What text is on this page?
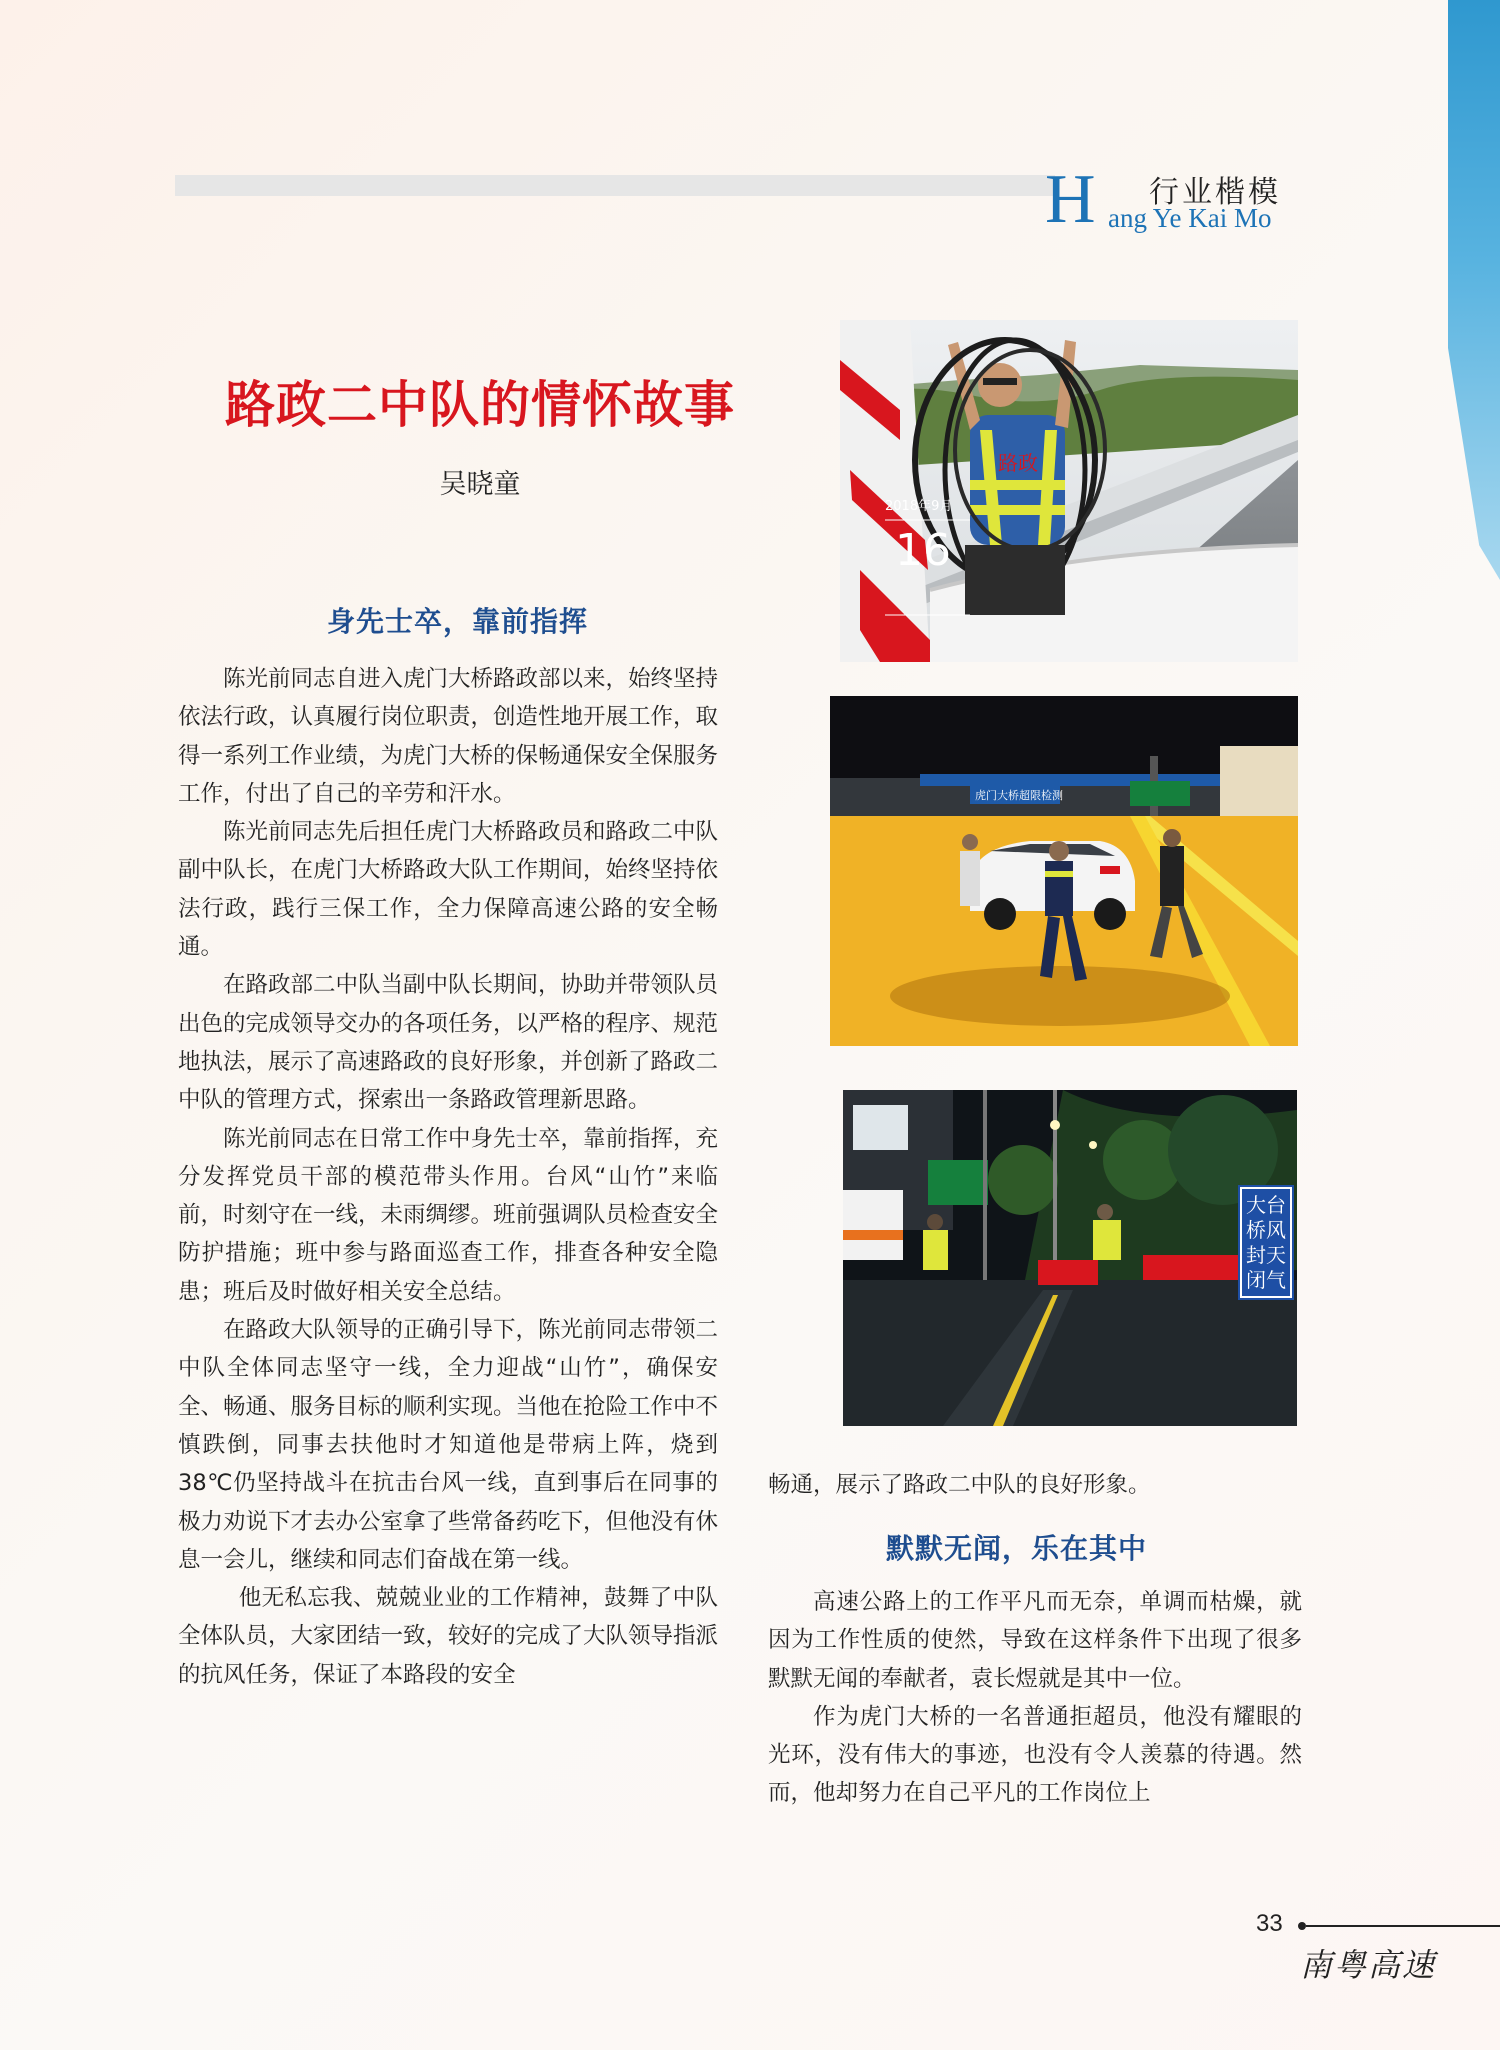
H 行业楷模
ang Ye Kai Mo
路政二中队的情怀故事
吴晓童
身先士卒，靠前指挥

陈光前同志自进入虎门大桥路政部以来，始终坚持依法行政，认真履行岗位职责，创造性地开展工作，取得一系列工作业绩，为虎门大桥的保畅通保安全保服务工作，付出了自己的辛劳和汗水。

陈光前同志先后担任虎门大桥路政员和路政二中队副中队长，在虎门大桥路政大队工作期间，始终坚持依法行政，践行三保工作，全力保障高速公路的安全畅通。

在路政部二中队当副中队长期间，协助并带领队员出色的完成领导交办的各项任务，以严格的程序、规范地执法，展示了高速路政的良好形象，并创新了路政二中队的管理方式，探索出一条路政管理新思路。

陈光前同志在日常工作中身先士卒，靠前指挥，充分发挥党员干部的模范带头作用。台风“山竹”来临前，时刻守在一线，未雨绸缪。班前强调队员检查安全防护措施；班中参与路面巡查工作，排查各种安全隐患；班后及时做好相关安全总结。

在路政大队领导的正确引导下，陈光前同志带领二中队全体同志坚守一线，全力迎战“山竹”，确保安全、畅通、服务目标的顺利实现。当他在抢险工作中不慎跌倒，同事去扶他时才知道他是带病上阵，烧到38℃仍坚持战斗在抗击台风一线，直到事后在同事的极力劝说下才去办公室拿了些常备药吃下，但他没有休息一会儿，继续和同志们奋战在第一线。

他无私忘我、兢兢业业的工作精神，鼓舞了中队全体队员，大家团结一致，较好的完成了大队领导指派的抗风任务，保证了本路段的安全

路政
2018年9月
16
虎门大桥超限检测
大台
桥风
封天
闭气

畅通，展示了路政二中队的良好形象。

默默无闻，乐在其中

高速公路上的工作平凡而无奈，单调而枯燥，就因为工作性质的使然，导致在这样条件下出现了很多默默无闻的奉献者，袁长煜就是其中一位。

作为虎门大桥的一名普通拒超员，他没有耀眼的光环，没有伟大的事迹，也没有令人羡慕的待遇。然而，他却努力在自己平凡的工作岗位上

33
南粤高速
